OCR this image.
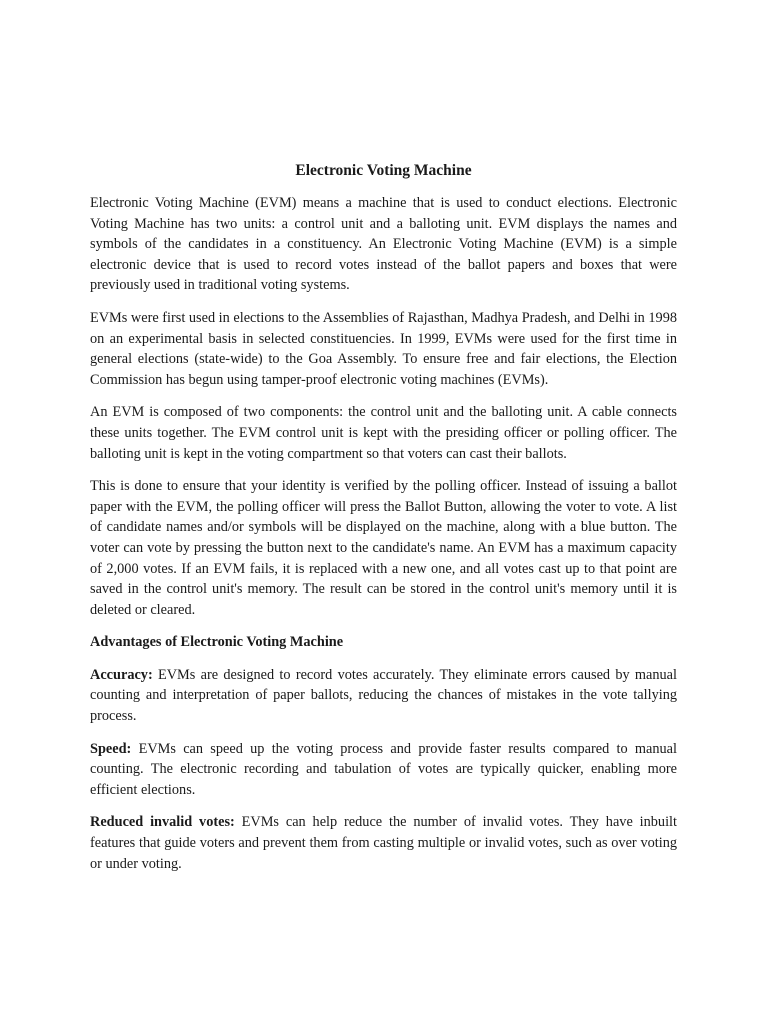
Electronic Voting Machine

Electronic Voting Machine (EVM) means a machine that is used to conduct elections. Electronic Voting Machine has two units: a control unit and a balloting unit. EVM displays the names and symbols of the candidates in a constituency. An Electronic Voting Machine (EVM) is a simple electronic device that is used to record votes instead of the ballot papers and boxes that were previously used in traditional voting systems.

EVMs were first used in elections to the Assemblies of Rajasthan, Madhya Pradesh, and Delhi in 1998 on an experimental basis in selected constituencies. In 1999, EVMs were used for the first time in general elections (state-wide) to the Goa Assembly. To ensure free and fair elections, the Election Commission has begun using tamper-proof electronic voting machines (EVMs).

An EVM is composed of two components: the control unit and the balloting unit. A cable connects these units together. The EVM control unit is kept with the presiding officer or polling officer. The balloting unit is kept in the voting compartment so that voters can cast their ballots.

This is done to ensure that your identity is verified by the polling officer. Instead of issuing a ballot paper with the EVM, the polling officer will press the Ballot Button, allowing the voter to vote. A list of candidate names and/or symbols will be displayed on the machine, along with a blue button. The voter can vote by pressing the button next to the candidate's name. An EVM has a maximum capacity of 2,000 votes. If an EVM fails, it is replaced with a new one, and all votes cast up to that point are saved in the control unit's memory. The result can be stored in the control unit's memory until it is deleted or cleared.

Advantages of Electronic Voting Machine

Accuracy: EVMs are designed to record votes accurately. They eliminate errors caused by manual counting and interpretation of paper ballots, reducing the chances of mistakes in the vote tallying process.

Speed: EVMs can speed up the voting process and provide faster results compared to manual counting. The electronic recording and tabulation of votes are typically quicker, enabling more efficient elections.

Reduced invalid votes: EVMs can help reduce the number of invalid votes. They have inbuilt features that guide voters and prevent them from casting multiple or invalid votes, such as over voting or under voting.
